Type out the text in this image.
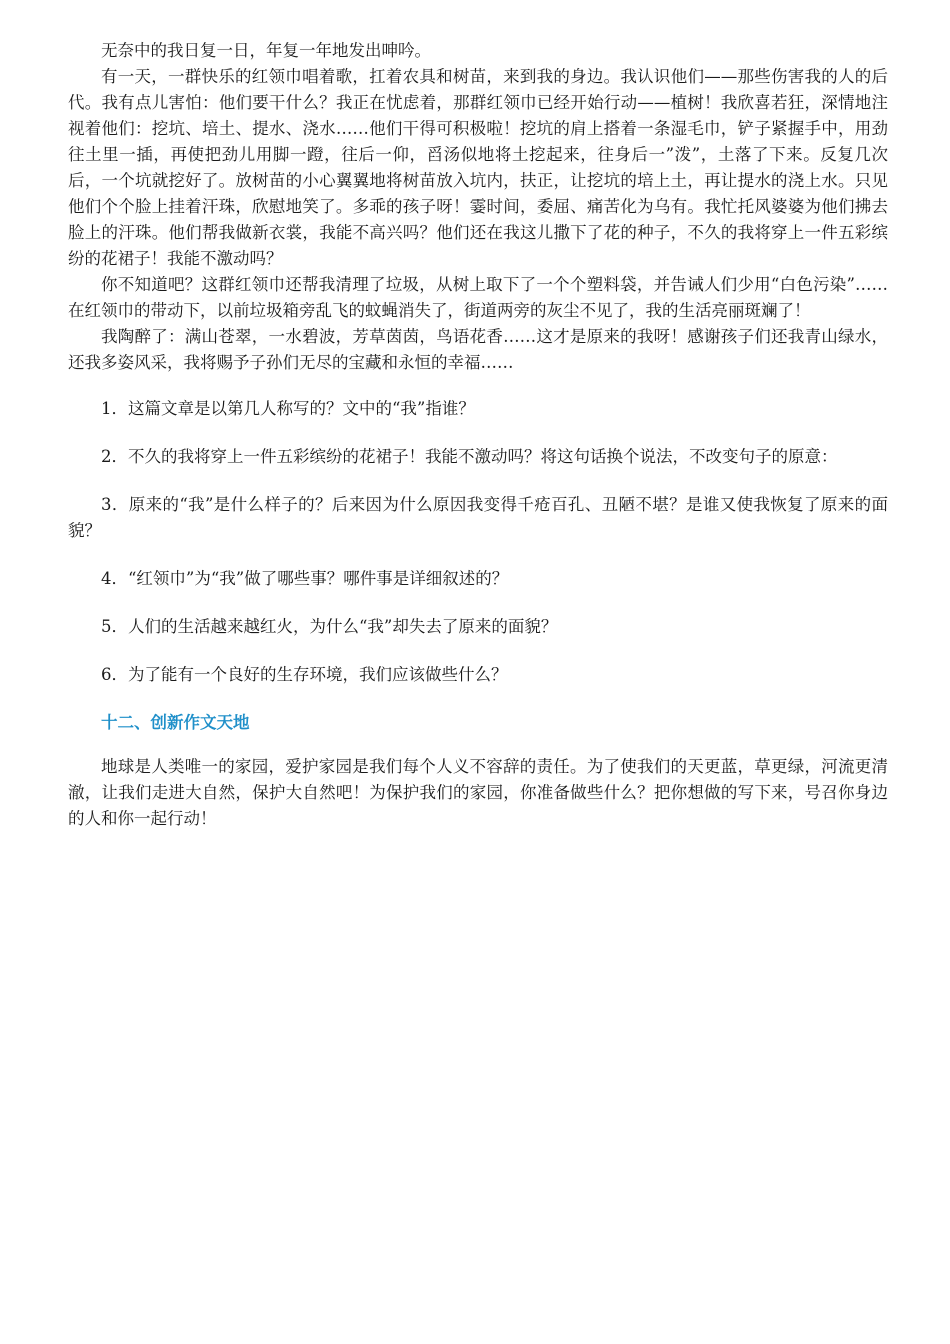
无奈中的我日复一日，年复一年地发出呻吟。

有一天，一群快乐的红领巾唱着歌，扛着农具和树苗，来到我的身边。我认识他们——那些伤害我的人的后代。我有点儿害怕：他们要干什么？我正在忧虑着，那群红领巾已经开始行动——植树！我欣喜若狂，深情地注视着他们：挖坑、培土、提水、浇水……他们干得可积极啦！挖坑的肩上搭着一条湿毛巾，铲子紧握手中，用劲往土里一插，再使把劲儿用脚一蹬，往后一仰，舀汤似地将土挖起来，往身后一”泼”，土落了下来。反复几次后，一个坑就挖好了。放树苗的小心翼翼地将树苗放入坑内，扶正，让挖坑的培上土，再让提水的浇上水。只见他们个个脸上挂着汗珠，欣慰地笑了。多乖的孩子呀！霎时间，委屈、痛苦化为乌有。我忙托风婆婆为他们拂去脸上的汗珠。他们帮我做新衣裳，我能不高兴吗？他们还在我这儿撒下了花的种子，不久的我将穿上一件五彩缤纷的花裙子！我能不激动吗？

你不知道吧？这群红领巾还帮我清理了垃圾，从树上取下了一个个塑料袋，并告诫人们少用“白色污染”……在红领巾的带动下，以前垃圾箱旁乱飞的蚊蝇消失了，街道两旁的灰尘不见了，我的生活亮丽斑斓了！

我陶醉了：满山苍翠，一水碧波，芳草茵茵，鸟语花香……这才是原来的我呀！感谢孩子们还我青山绿水，还我多姿风采，我将赐予子孙们无尽的宝藏和永恒的幸福……

1．这篇文章是以第几人称写的？文中的“我”指谁？

2．不久的我将穿上一件五彩缤纷的花裙子！我能不激动吗？将这句话换个说法，不改变句子的原意：

3．原来的“我”是什么样子的？后来因为什么原因我变得千疮百孔、丑陋不堪？是谁又使我恢复了原来的面貌？

4．“红领巾”为“我”做了哪些事？哪件事是详细叙述的？

5．人们的生活越来越红火，为什么“我”却失去了原来的面貌？

6．为了能有一个良好的生存环境，我们应该做些什么？

十二、创新作文天地

地球是人类唯一的家园，爱护家园是我们每个人义不容辞的责任。为了使我们的天更蓝，草更绿，河流更清澈，让我们走进大自然，保护大自然吧！为保护我们的家园，你准备做些什么？把你想做的写下来，号召你身边的人和你一起行动！
